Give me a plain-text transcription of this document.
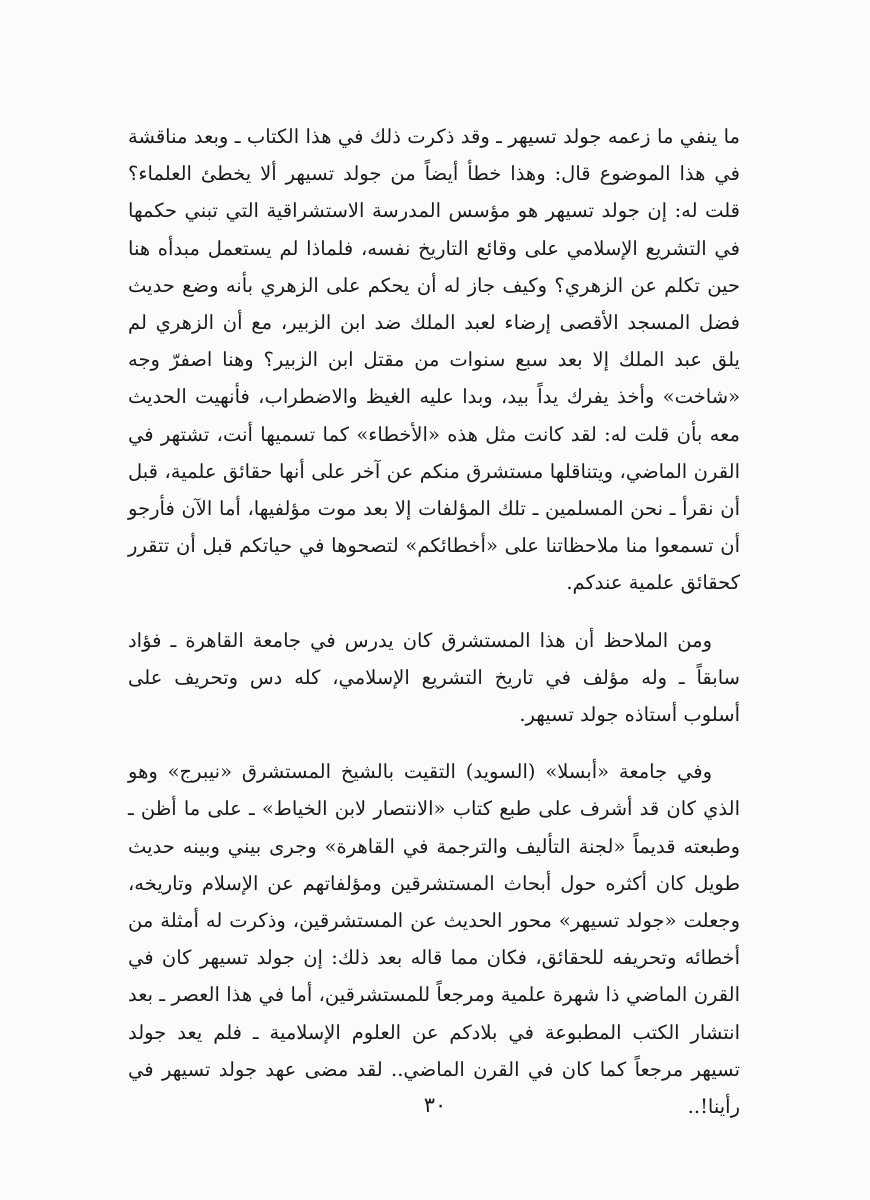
ما ينفي ما زعمه جولد تسيهر ـ وقد ذكرت ذلك في هذا الكتاب ـ وبعد مناقشة في هذا الموضوع قال: وهذا خطأ أيضاً من جولد تسيهر ألا يخطئ العلماء؟ قلت له: إن جولد تسيهر هو مؤسس المدرسة الاستشراقية التي تبني حكمها في التشريع الإسلامي على وقائع التاريخ نفسه، فلماذا لم يستعمل مبدأه هنا حين تكلم عن الزهري؟ وكيف جاز له أن يحكم على الزهري بأنه وضع حديث فضل المسجد الأقصى إرضاء لعبد الملك ضد ابن الزبير، مع أن الزهري لم يلق عبد الملك إلا بعد سبع سنوات من مقتل ابن الزبير؟ وهنا اصفرّ وجه «شاخت» وأخذ يفرك يداً بيد، وبدا عليه الغيظ والاضطراب، فأنهيت الحديث معه بأن قلت له: لقد كانت مثل هذه «الأخطاء» كما تسميها أنت، تشتهر في القرن الماضي، ويتناقلها مستشرق منكم عن آخر على أنها حقائق علمية، قبل أن نقرأ ـ نحن المسلمين ـ تلك المؤلفات إلا بعد موت مؤلفيها، أما الآن فأرجو أن تسمعوا منا ملاحظاتنا على «أخطائكم» لتصحوها في حياتكم قبل أن تتقرر كحقائق علمية عندكم.

ومن الملاحظ أن هذا المستشرق كان يدرس في جامعة القاهرة ـ فؤاد سابقاً ـ وله مؤلف في تاريخ التشريع الإسلامي، كله دس وتحريف على أسلوب أستاذه جولد تسيهر.

وفي جامعة «أبسلا» (السويد) التقيت بالشيخ المستشرق «نيبرج» وهو الذي كان قد أشرف على طبع كتاب «الانتصار لابن الخياط» ـ على ما أظن ـ وطبعته قديماً «لجنة التأليف والترجمة في القاهرة» وجرى بيني وبينه حديث طويل كان أكثره حول أبحاث المستشرقين ومؤلفاتهم عن الإسلام وتاريخه، وجعلت «جولد تسيهر» محور الحديث عن المستشرقين، وذكرت له أمثلة من أخطائه وتحريفه للحقائق، فكان مما قاله بعد ذلك: إن جولد تسيهر كان في القرن الماضي ذا شهرة علمية ومرجعاً للمستشرقين، أما في هذا العصر ـ بعد انتشار الكتب المطبوعة في بلادكم عن العلوم الإسلامية ـ فلم يعد جولد تسيهر مرجعاً كما كان في القرن الماضي.. لقد مضى عهد جولد تسيهر في رأينا!..

٣٠
